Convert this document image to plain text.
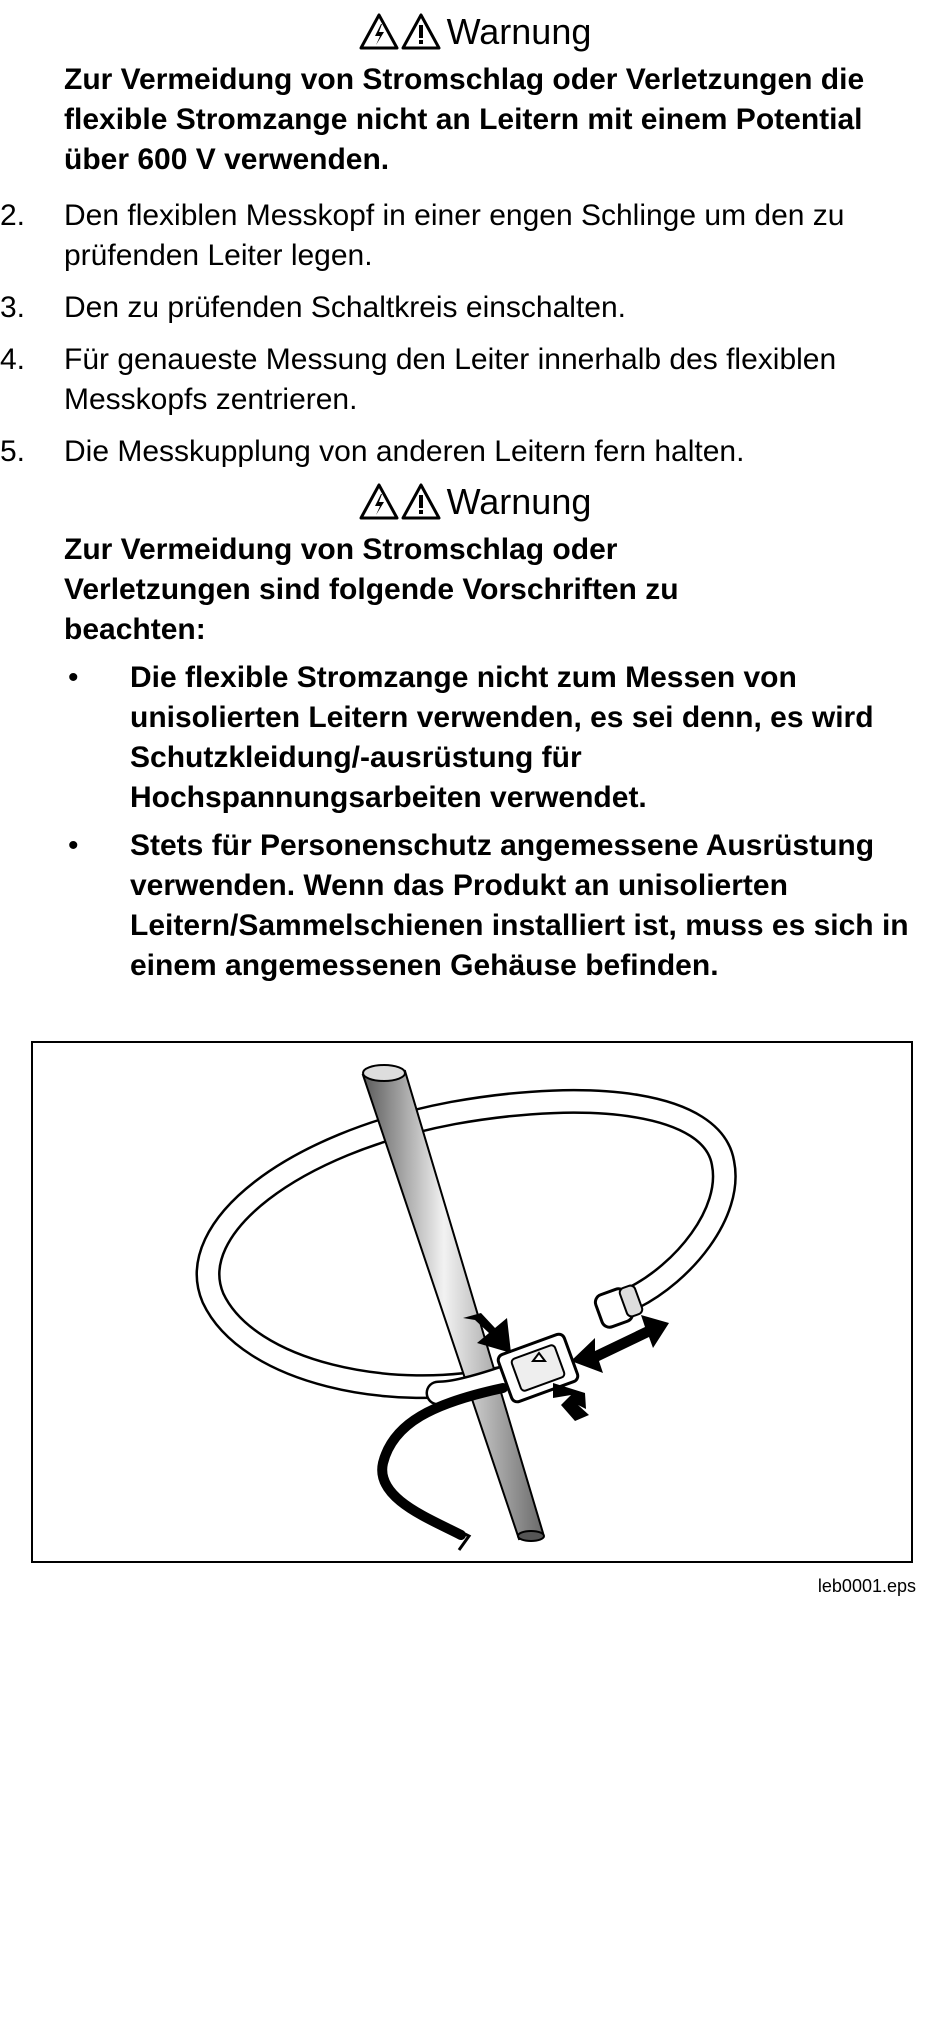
Warnung
Zur Vermeidung von Stromschlag oder Verletzungen die flexible Stromzange nicht an Leitern mit einem Potential über 600 V verwenden.
2. Den flexiblen Messkopf in einer engen Schlinge um den zu prüfenden Leiter legen.
3. Den zu prüfenden Schaltkreis einschalten.
4. Für genaueste Messung den Leiter innerhalb des flexiblen Messkopfs zentrieren.
5. Die Messkupplung von anderen Leitern fern halten.
Warnung
Zur Vermeidung von Stromschlag oder Verletzungen sind folgende Vorschriften zu beachten:
• Die flexible Stromzange nicht zum Messen von unisolierten Leitern verwenden, es sei denn, es wird Schutzkleidung/-ausrüstung für Hochspannungsarbeiten verwendet.
• Stets für Personenschutz angemessene Ausrüstung verwenden. Wenn das Produkt an unisolierten Leitern/Sammelschienen installiert ist, muss es sich in einem angemessenen Gehäuse befinden.
leb0001.eps
